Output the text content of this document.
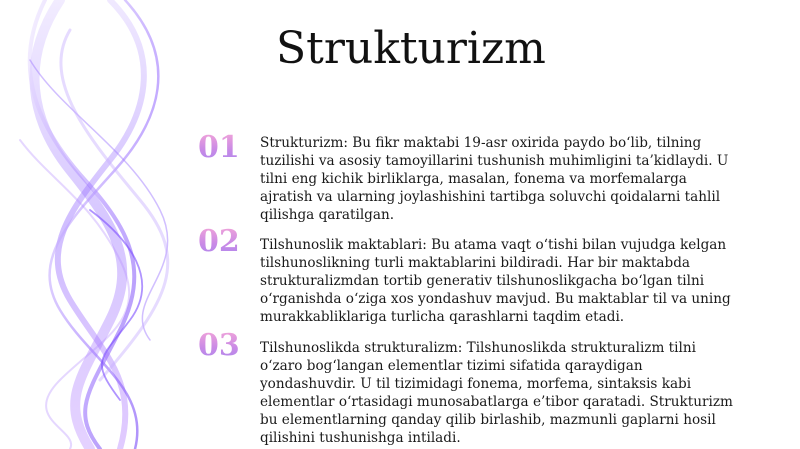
Strukturizm
01 Strukturizm: Bu fikr maktabi 19-asr oxirida paydo bo‘lib, tilning tuzilishi va asosiy tamoyillarini tushunish muhimligini ta’kidlaydi. U tilni eng kichik birliklarga, masalan, fonema va morfemalarga ajratish va ularning joylashishini tartibga soluvchi qoidalarni tahlil qilishga qaratilgan.
02 Tilshunoslik maktablari: Bu atama vaqt o‘tishi bilan vujudga kelgan tilshunoslikning turli maktablarini bildiradi. Har bir maktabda strukturalizmdan tortib generativ tilshunoslikgacha bo‘lgan tilni o‘rganishda o‘ziga xos yondashuv mavjud. Bu maktablar til va uning murakkabliklariga turlicha qarashlarni taqdim etadi.
03 Tilshunoslikda strukturalizm: Tilshunoslikda strukturalizm tilni o‘zaro bog‘langan elementlar tizimi sifatida qaraydigan yondashuvdir. U til tizimidagi fonema, morfema, sintaksis kabi elementlar o‘rtasidagi munosabatlarga e’tibor qaratadi. Strukturizm bu elementlarning qanday qilib birlashib, mazmunli gaplarni hosil qilishini tushunishga intiladi.
